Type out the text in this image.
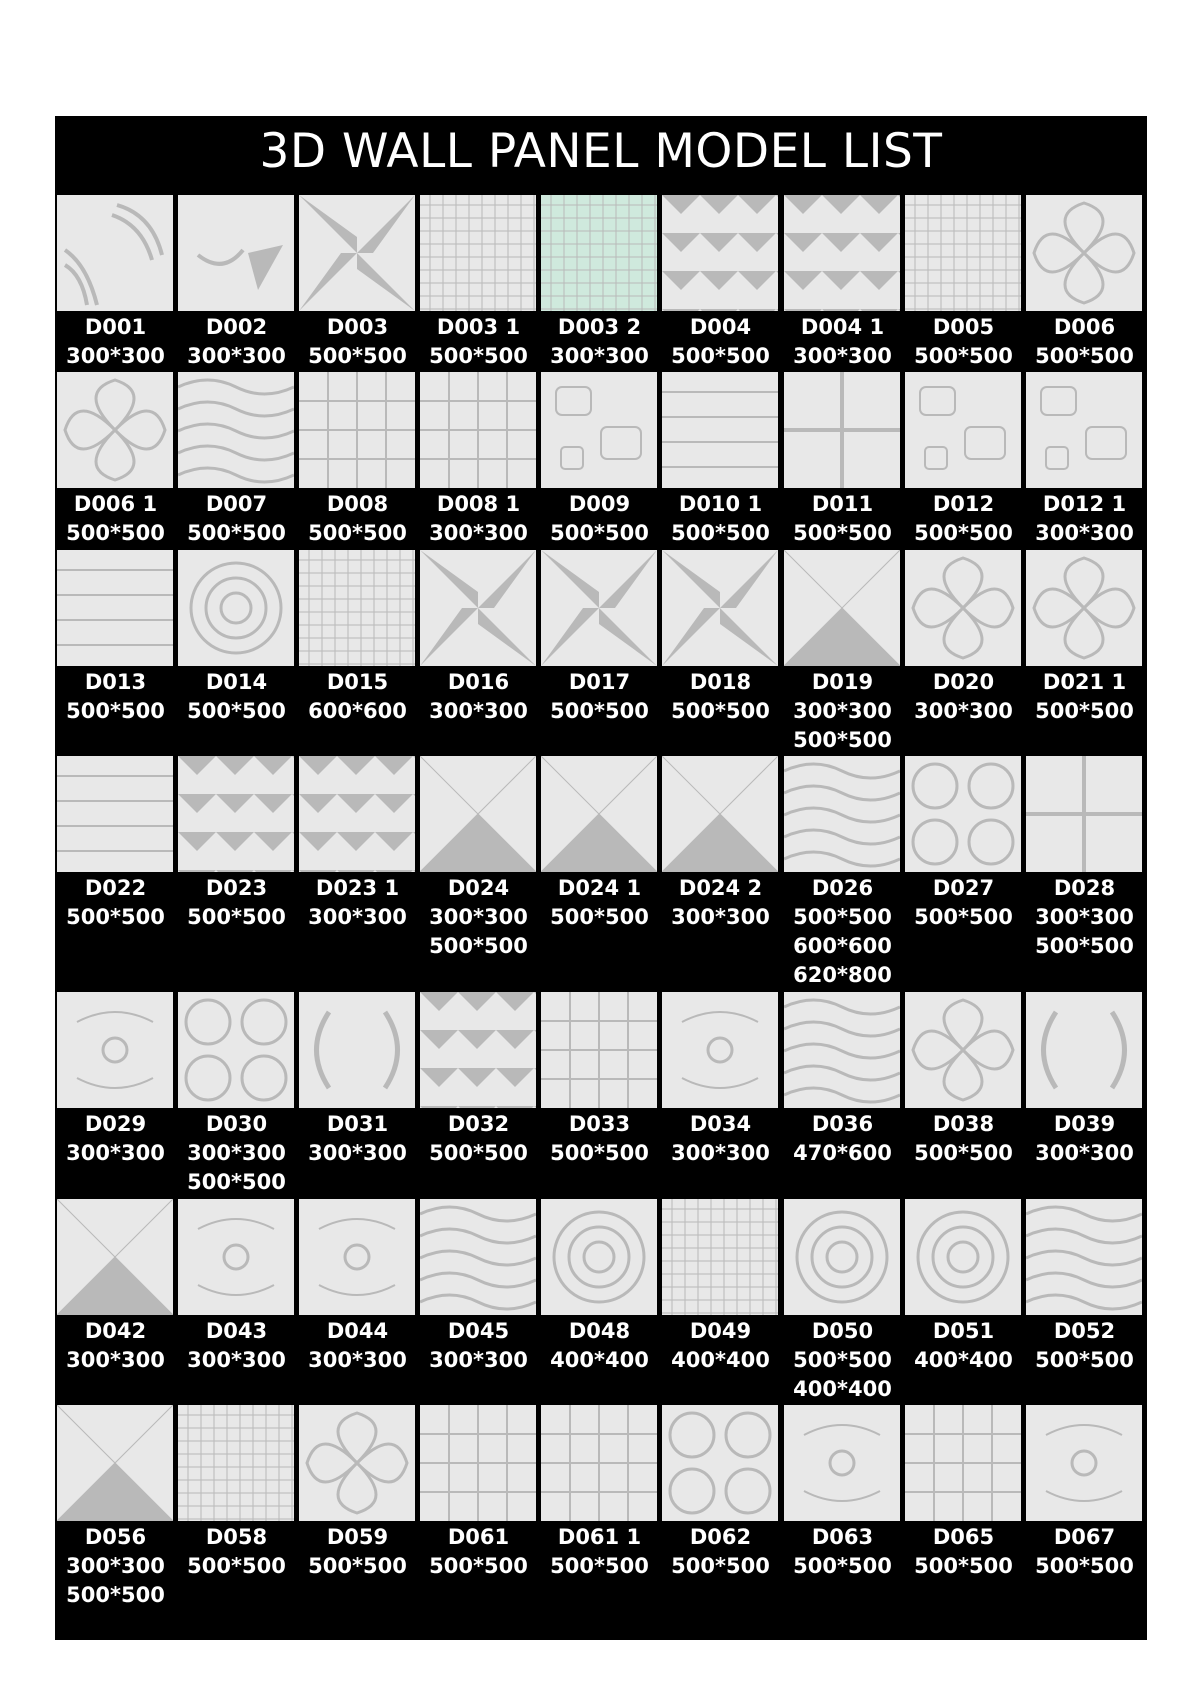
3D WALL PANEL MODEL LIST
D001
300*300
D002
300*300
D003
500*500
D003 1
500*500
D003 2
300*300
D004
500*500
D004 1
300*300
D005
500*500
D006
500*500
D006 1
500*500
D007
500*500
D008
500*500
D008 1
300*300
D009
500*500
D010 1
500*500
D011
500*500
D012
500*500
D012 1
300*300
D013
500*500
D014
500*500
D015
600*600
D016
300*300
D017
500*500
D018
500*500
D019
300*300
500*500
D020
300*300
D021 1
500*500
D022
500*500
D023
500*500
D023 1
300*300
D024
300*300
500*500
D024 1
500*500
D024 2
300*300
D026
500*500
600*600
620*800
D027
500*500
D028
300*300
500*500
D029
300*300
D030
300*300
500*500
D031
300*300
D032
500*500
D033
500*500
D034
300*300
D036
470*600
D038
500*500
D039
300*300
D042
300*300
D043
300*300
D044
300*300
D045
300*300
D048
400*400
D049
400*400
D050
500*500
400*400
D051
400*400
D052
500*500
D056
300*300
500*500
D058
500*500
D059
500*500
D061
500*500
D061 1
500*500
D062
500*500
D063
500*500
D065
500*500
D067
500*500
